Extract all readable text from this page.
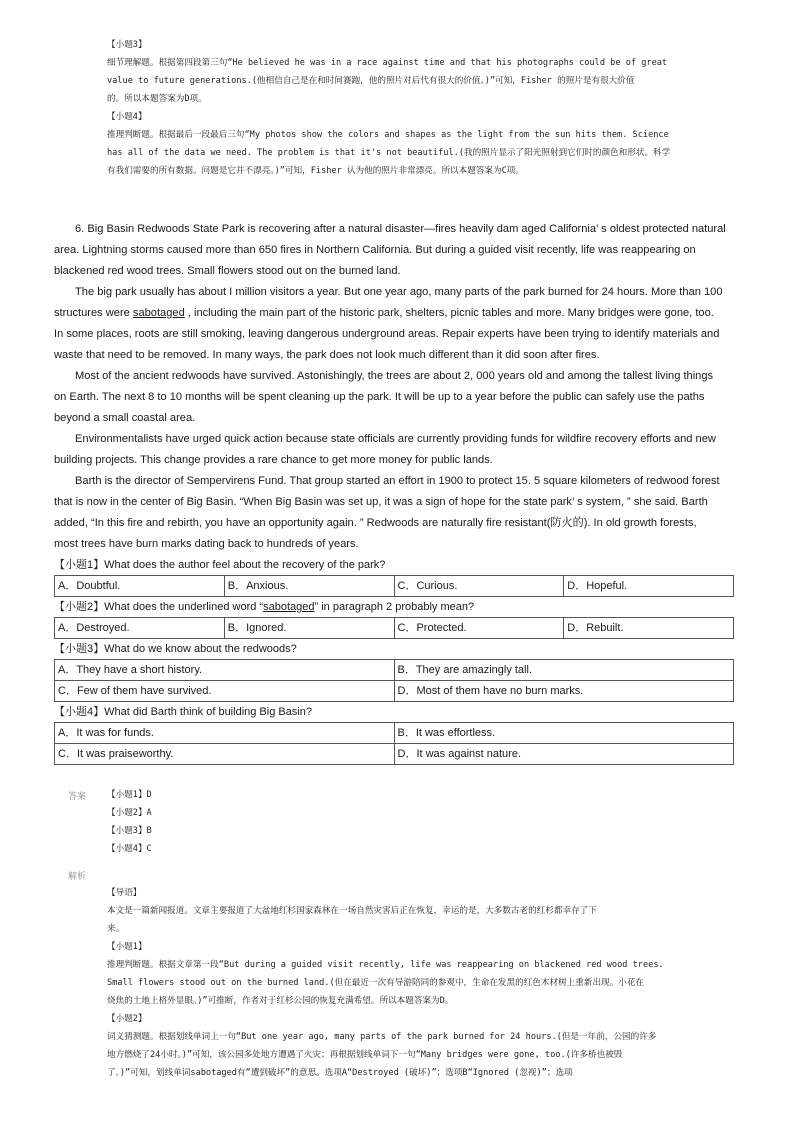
【小题3】
细节理解题。根据第四段第三句“He believed he was in a race against time and that his photographs could be of great
value to future generations.(他相信自己是在和时间赛跑，他的照片对后代有很大的价值。)”可知，Fisher 的照片是有很大价值
的。所以本题答案为D项。
【小题4】
推理判断题。根据最后一段最后三句“My photos show the colors and shapes as the light from the sun hits them. Science
has all of the data we need. The problem is that it's not beautiful.(我的照片显示了阳光照射到它们时的颜色和形状。科学
有我们需要的所有数据。问题是它并不漂亮。)”可知，Fisher 认为他的照片非常漂亮。所以本题答案为C项。
6. Big Basin Redwoods State Park is recovering after a natural disaster—fires heavily dam aged California’ s oldest protected natural
area. Lightning storms caused more than 650 fires in Northern California. But during a guided visit recently, life was reappearing on
blackened red wood trees. Small flowers stood out on the burned land.
The big park usually has about I million visitors a year. But one year ago, many parts of the park burned for 24 hours. More than 100
structures were sabotaged , including the main part of the historic park, shelters, picnic tables and more. Many bridges were gone, too.
In some places, roots are still smoking, leaving dangerous underground areas. Repair experts have been trying to identify materials and
waste that need to be removed. In many ways, the park does not look much different than it did soon after fires.
Most of the ancient redwoods have survived. Astonishingly, the trees are about 2, 000 years old and among the tallest living things
on Earth. The next 8 to 10 months will be spent cleaning up the park. It will be up to a year before the public can safely use the paths
beyond a small coastal area.
Environmentalists have urged quick action because state officials are currently providing funds for wildfire recovery efforts and new
building projects. This change provides a rare chance to get more money for public lands.
Barth is the director of Sempervirens Fund. That group started an effort in 1900 to protect 15. 5 square kilometers of redwood forest
that is now in the center of Big Basin. “When Big Basin was set up, it was a sign of hope for the state park’ s system, ” she said. Barth
added, “In this fire and rebirth, you have an opportunity again. ” Redwoods are naturally fire resistant(防火的). In old growth forests,
most trees have burn marks dating back to hundreds of years.
【小题1】What does the author feel about the recovery of the park?
A．Doubtful.	B．Anxious.	C．Curious.	D．Hopeful.
【小题2】What does the underlined word “sabotaged” in paragraph 2 probably mean?
A．Destroyed.	B．Ignored.	C．Protected.	D．Rebuilt.
【小题3】What do we know about the redwoods?
A．They have a short history.	B．They are amazingly tall.
C．Few of them have survived.	D．Most of them have no burn marks.
【小题4】What did Barth think of building Big Basin?
A．It was for funds.	B．It was effortless.
C．It was praiseworthy.	D．It was against nature.
答案 【小题1】D
【小题2】A
【小题3】B
【小题4】C
解析
【导语】
本文是一篇新闻报道。文章主要报道了大盆地红杉国家森林在一场自然灾害后正在恢复，幸运的是，大多数古老的红杉都幸存了下
来。
【小题1】
推理判断题。根据文章第一段“But during a guided visit recently, life was reappearing on blackened red wood trees.
Small flowers stood out on the burned land.(但在最近一次有导游陪同的参观中，生命在发黑的红色木材树上重新出现。小花在
烧焦的土地上格外显眼。)”可推断，作者对于红杉公园的恢复充满希望。所以本题答案为D。
【小题2】
词义猜测题。根据划线单词上一句“But one year ago, many parts of the park burned for 24 hours.(但是一年前，公园的许多
地方燃烧了24小时。)”可知，该公园多处地方遭遇了火灾；再根据划线单词下一句“Many bridges were gone, too.(许多桥也被毁
了。)”可知，划线单词sabotaged有“遭到破坏”的意思。选项A“Destroyed (破坏)”；选项B“Ignored (忽视)”；选项
